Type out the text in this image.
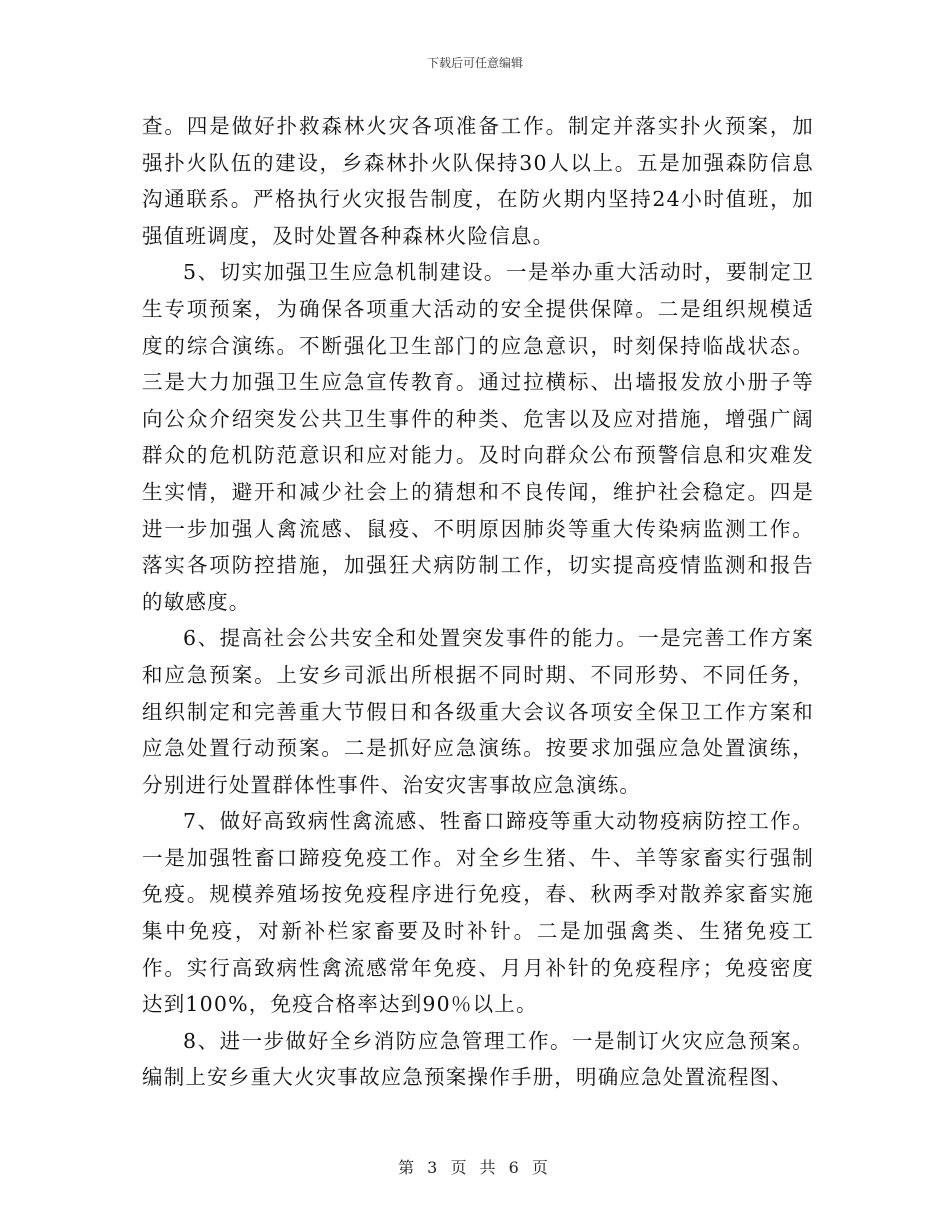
下载后可任意编辑

查。四是做好扑救森林火灾各项准备工作。制定并落实扑火预案，加强扑火队伍的建设，乡森林扑火队保持30人以上。五是加强森防信息沟通联系。严格执行火灾报告制度，在防火期内坚持24小时值班，加强值班调度，及时处置各种森林火险信息。

5、切实加强卫生应急机制建设。一是举办重大活动时，要制定卫生专项预案，为确保各项重大活动的安全提供保障。二是组织规模适度的综合演练。不断强化卫生部门的应急意识，时刻保持临战状态。三是大力加强卫生应急宣传教育。通过拉横标、出墙报发放小册子等向公众介绍突发公共卫生事件的种类、危害以及应对措施，增强广阔群众的危机防范意识和应对能力。及时向群众公布预警信息和灾难发生实情，避开和减少社会上的猜想和不良传闻，维护社会稳定。四是进一步加强人禽流感、鼠疫、不明原因肺炎等重大传染病监测工作。落实各项防控措施，加强狂犬病防制工作，切实提高疫情监测和报告的敏感度。

6、提高社会公共安全和处置突发事件的能力。一是完善工作方案和应急预案。上安乡司派出所根据不同时期、不同形势、不同任务，组织制定和完善重大节假日和各级重大会议各项安全保卫工作方案和应急处置行动预案。二是抓好应急演练。按要求加强应急处置演练，分别进行处置群体性事件、治安灾害事故应急演练。

7、做好高致病性禽流感、牲畜口蹄疫等重大动物疫病防控工作。一是加强牲畜口蹄疫免疫工作。对全乡生猪、牛、羊等家畜实行强制免疫。规模养殖场按免疫程序进行免疫，春、秋两季对散养家畜实施集中免疫，对新补栏家畜要及时补针。二是加强禽类、生猪免疫工作。实行高致病性禽流感常年免疫、月月补针的免疫程序；免疫密度达到100%，免疫合格率达到90％以上。

8、进一步做好全乡消防应急管理工作。一是制订火灾应急预案。编制上安乡重大火灾事故应急预案操作手册，明确应急处置流程图、

第 3 页 共 6 页
